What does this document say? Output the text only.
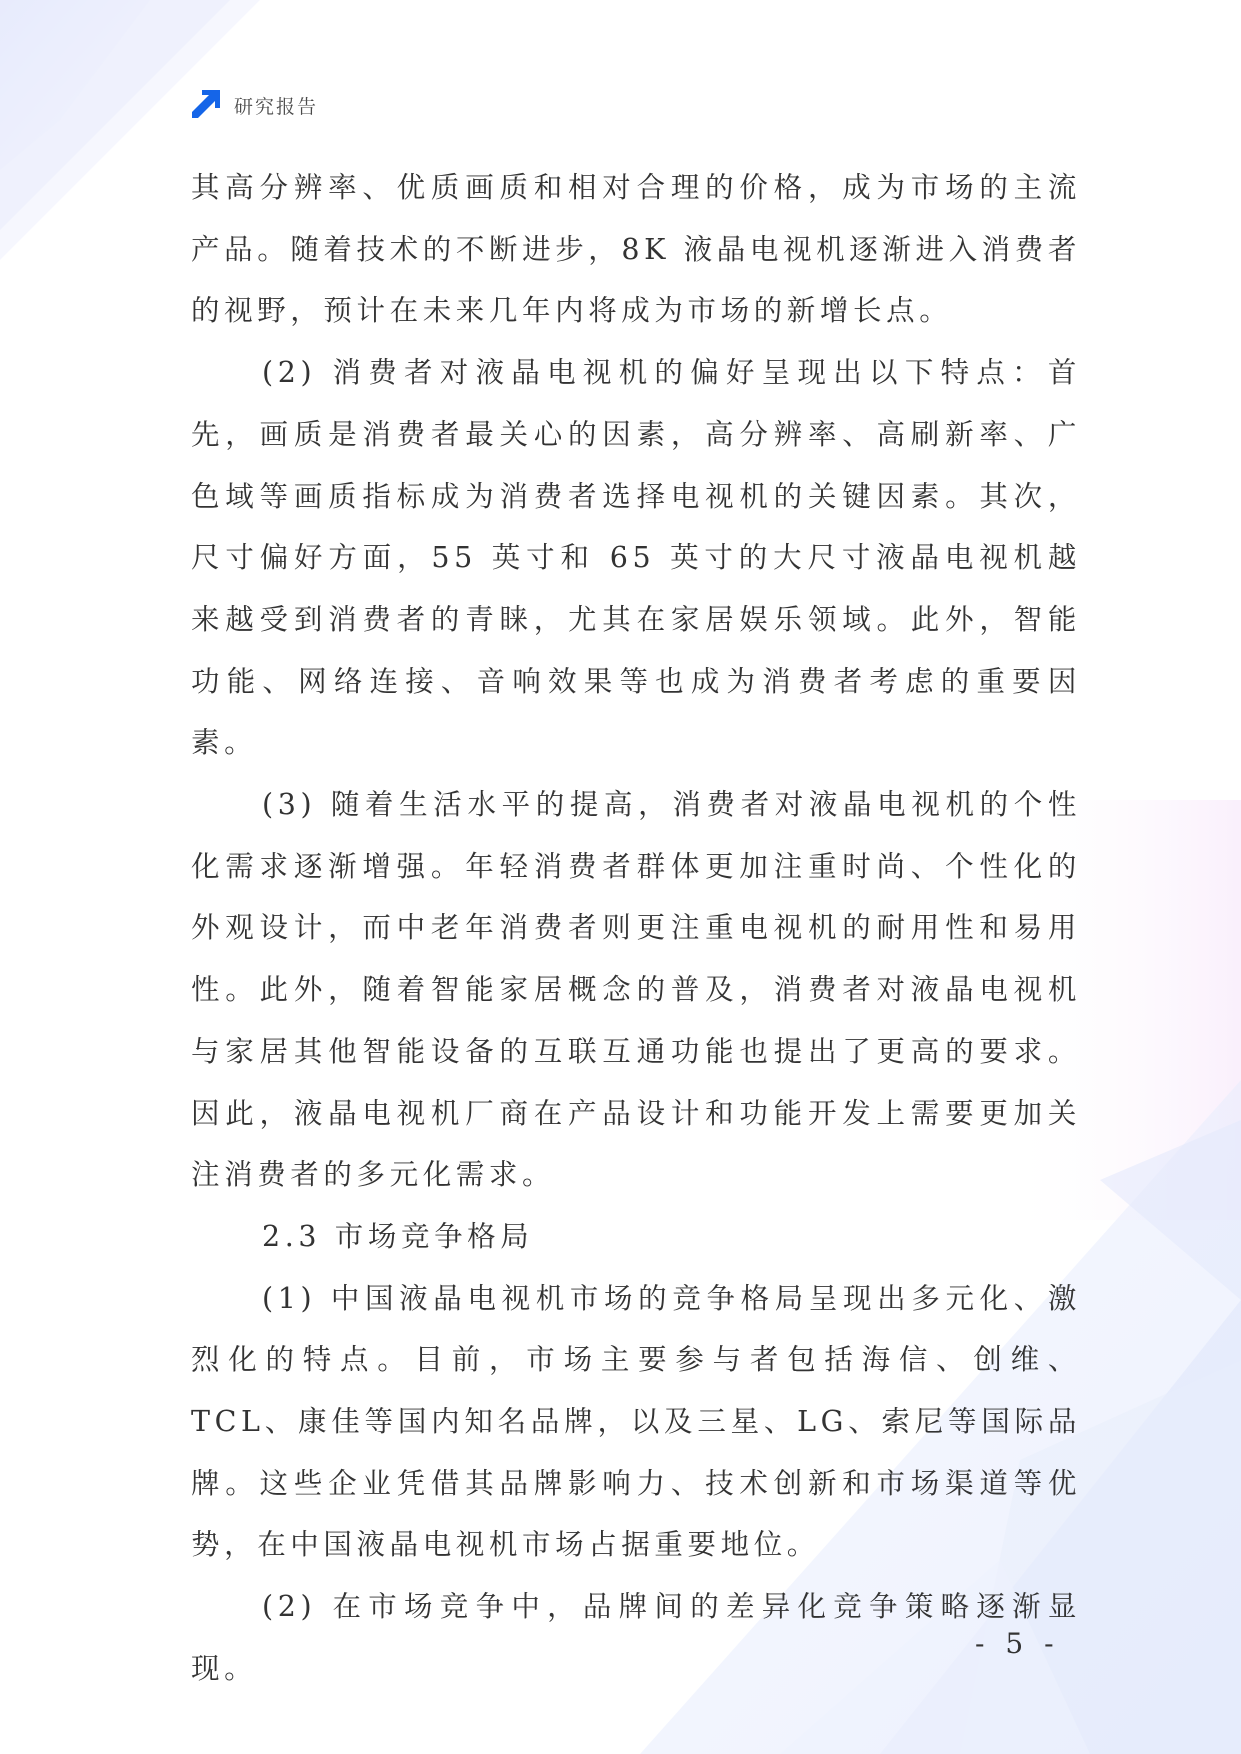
研究报告

其高分辨率、优质画质和相对合理的价格，成为市场的主流产品。随着技术的不断进步，8K 液晶电视机逐渐进入消费者的视野，预计在未来几年内将成为市场的新增长点。

(2) 消费者对液晶电视机的偏好呈现出以下特点：首先，画质是消费者最关心的因素，高分辨率、高刷新率、广色域等画质指标成为消费者选择电视机的关键因素。其次，尺寸偏好方面，55 英寸和 65 英寸的大尺寸液晶电视机越来越受到消费者的青睐，尤其在家居娱乐领域。此外，智能功能、网络连接、音响效果等也成为消费者考虑的重要因素。

(3) 随着生活水平的提高，消费者对液晶电视机的个性化需求逐渐增强。年轻消费者群体更加注重时尚、个性化的外观设计，而中老年消费者则更注重电视机的耐用性和易用性。此外，随着智能家居概念的普及，消费者对液晶电视机与家居其他智能设备的互联互通功能也提出了更高的要求。因此，液晶电视机厂商在产品设计和功能开发上需要更加关注消费者的多元化需求。

2.3 市场竞争格局

(1) 中国液晶电视机市场的竞争格局呈现出多元化、激烈化的特点。目前，市场主要参与者包括海信、创维、TCL、康佳等国内知名品牌，以及三星、LG、索尼等国际品牌。这些企业凭借其品牌影响力、技术创新和市场渠道等优势，在中国液晶电视机市场占据重要地位。

(2) 在市场竞争中，品牌间的差异化竞争策略逐渐显现。

- 5 -
